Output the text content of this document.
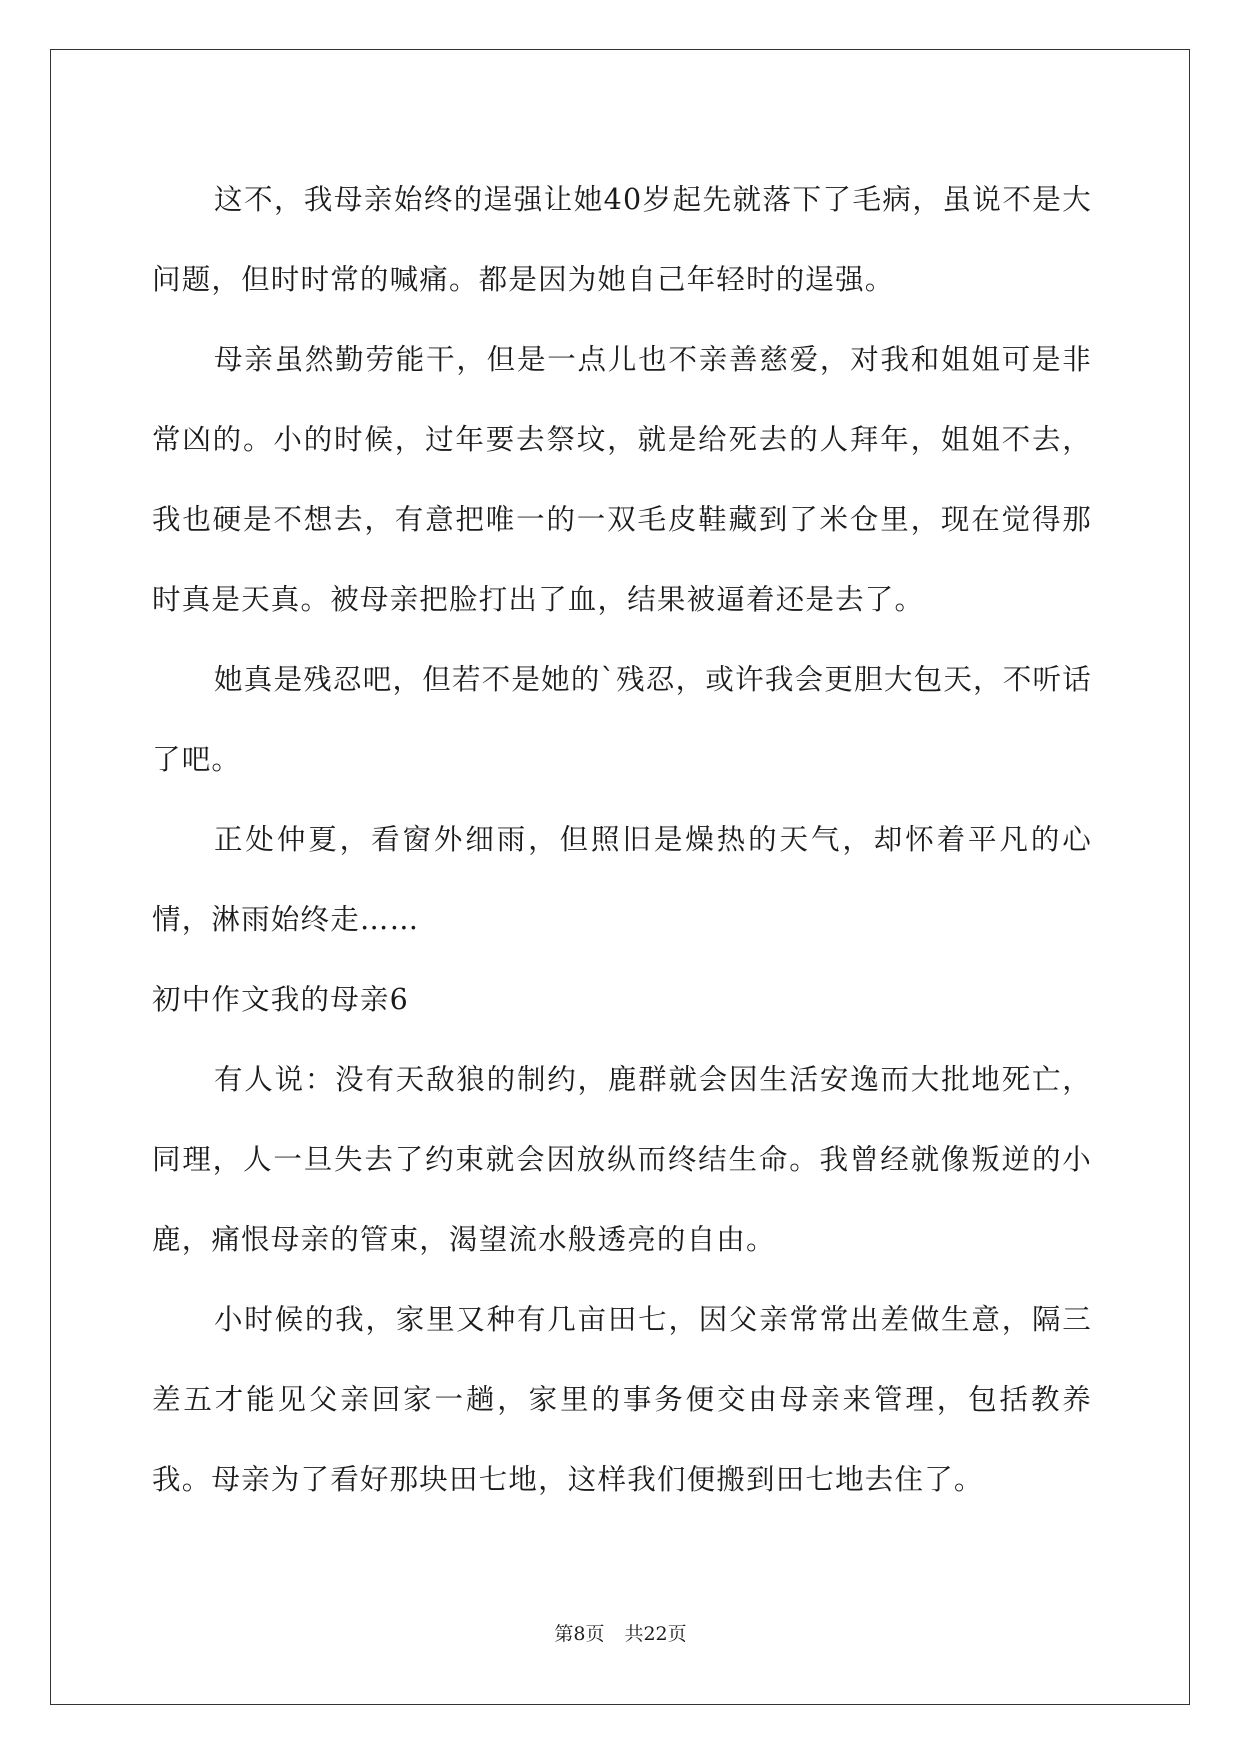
这不，我母亲始终的逞强让她40岁起先就落下了毛病，虽说不是大问题，但时时常的喊痛。都是因为她自己年轻时的逞强。

母亲虽然勤劳能干，但是一点儿也不亲善慈爱，对我和姐姐可是非常凶的。小的时候，过年要去祭坟，就是给死去的人拜年，姐姐不去，我也硬是不想去，有意把唯一的一双毛皮鞋藏到了米仓里，现在觉得那时真是天真。被母亲把脸打出了血，结果被逼着还是去了。

她真是残忍吧，但若不是她的`残忍，或许我会更胆大包天，不听话了吧。

正处仲夏，看窗外细雨，但照旧是燥热的天气，却怀着平凡的心情，淋雨始终走……

初中作文我的母亲6

有人说：没有天敌狼的制约，鹿群就会因生活安逸而大批地死亡，同理，人一旦失去了约束就会因放纵而终结生命。我曾经就像叛逆的小鹿，痛恨母亲的管束，渴望流水般透亮的自由。

小时候的我，家里又种有几亩田七，因父亲常常出差做生意，隔三差五才能见父亲回家一趟，家里的事务便交由母亲来管理，包括教养我。母亲为了看好那块田七地，这样我们便搬到田七地去住了。

第8页 共22页
